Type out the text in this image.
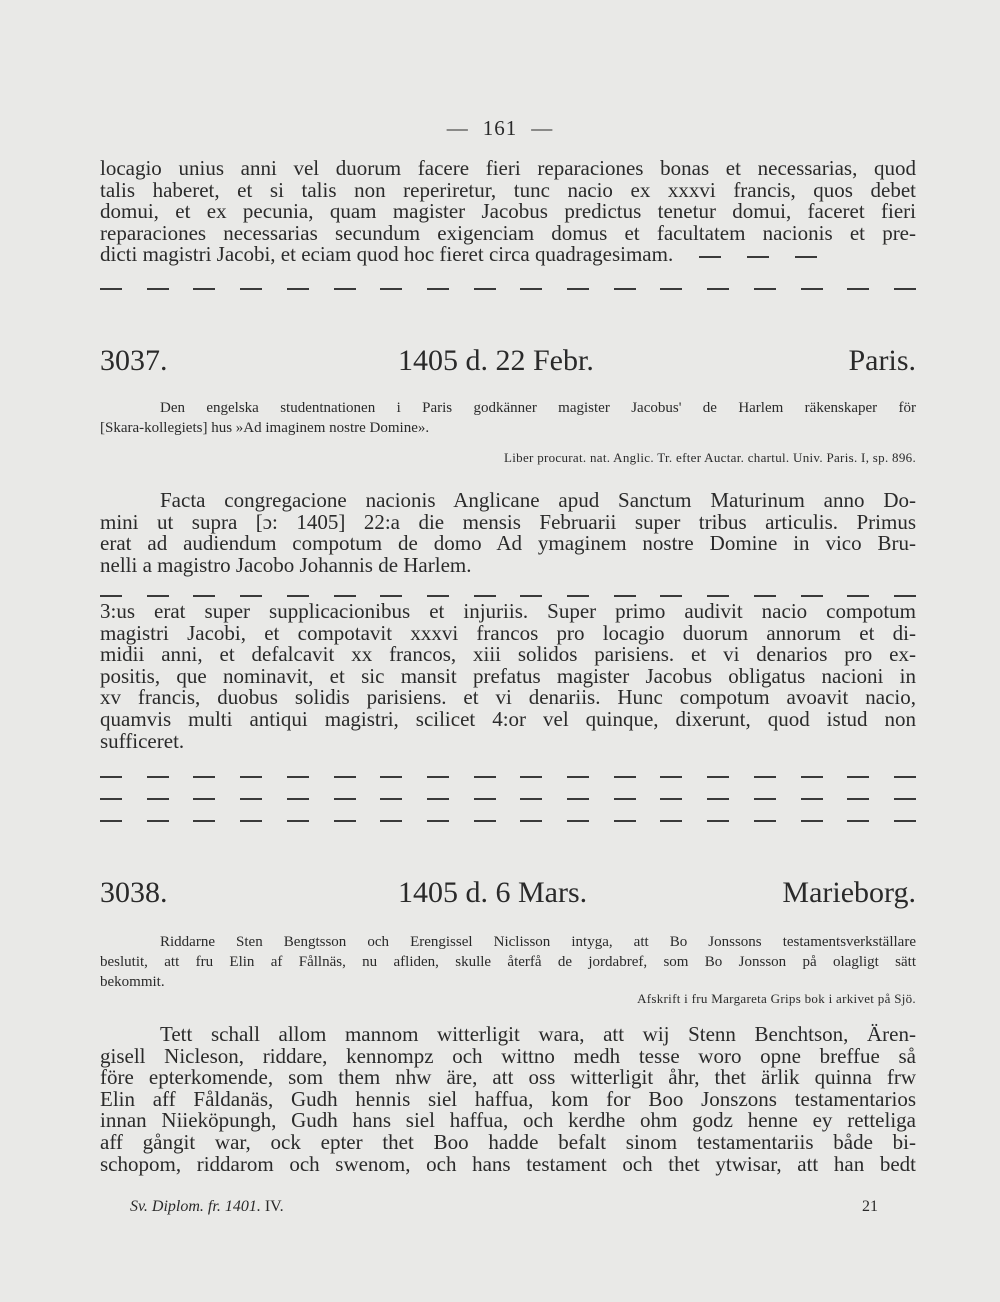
— 161 —
locagio unius anni vel duorum facere fieri reparaciones bonas et necessarias, quod
talis haberet, et si talis non reperiretur, tunc nacio ex xxxvi francis, quos debet
domui, et ex pecunia, quam magister Jacobus predictus tenetur domui, faceret fieri
reparaciones necessarias secundum exigenciam domus et facultatem nacionis et pre-
dicti magistri Jacobi, et eciam quod hoc fieret circa quadragesimam.
3037.	1405 d. 22 Febr.	Paris.
Den engelska studentnationen i Paris godkänner magister Jacobus' de Harlem räkenskaper för
[Skara-kollegiets] hus »Ad imaginem nostre Domine».
Liber procurat. nat. Anglic. Tr. efter Auctar. chartul. Univ. Paris. I, sp. 896.
Facta congregacione nacionis Anglicane apud Sanctum Maturinum anno Do-
mini ut supra [ɔ: 1405] 22:a die mensis Februarii super tribus articulis. Primus
erat ad audiendum compotum de domo Ad ymaginem nostre Domine in vico Bru-
nelli a magistro Jacobo Johannis de Harlem.
3:us erat super supplicacionibus et injuriis. Super primo audivit nacio compotum
magistri Jacobi, et compotavit xxxvi francos pro locagio duorum annorum et di-
midii anni, et defalcavit xx francos, xiii solidos parisiens. et vi denarios pro ex-
positis, que nominavit, et sic mansit prefatus magister Jacobus obligatus nacioni in
xv francis, duobus solidis parisiens. et vi denariis. Hunc compotum avoavit nacio,
quamvis multi antiqui magistri, scilicet 4:or vel quinque, dixerunt, quod istud non
sufficeret.
3038.	1405 d. 6 Mars.	Marieborg.
Riddarne Sten Bengtsson och Erengissel Niclisson intyga, att Bo Jonssons testamentsverkställare
beslutit, att fru Elin af Fållnäs, nu afliden, skulle återfå de jordabref, som Bo Jonsson på olagligt sätt
bekommit.
Afskrift i fru Margareta Grips bok i arkivet på Sjö.
Tett schall allom mannom witterligit wara, att wij Stenn Benchtson, Ären-
gisell Nicleson, riddare, kennompz och wittno medh tesse woro opne breffue så
före epterkomende, som them nhw äre, att oss witterligit åhr, thet ärlik quinna frw
Elin aff Fåldanäs, Gudh hennis siel haffua, kom for Boo Jonszons testamentarios
innan Niieköpungh, Gudh hans siel haffua, och kerdhe ohm godz henne ey retteliga
aff gångit war, ock epter thet Boo hadde befalt sinom testamentariis både bi-
schopom, riddarom och swenom, och hans testament och thet ytwisar, att han bedt
Sv. Diplom. fr. 1401. IV.	21
